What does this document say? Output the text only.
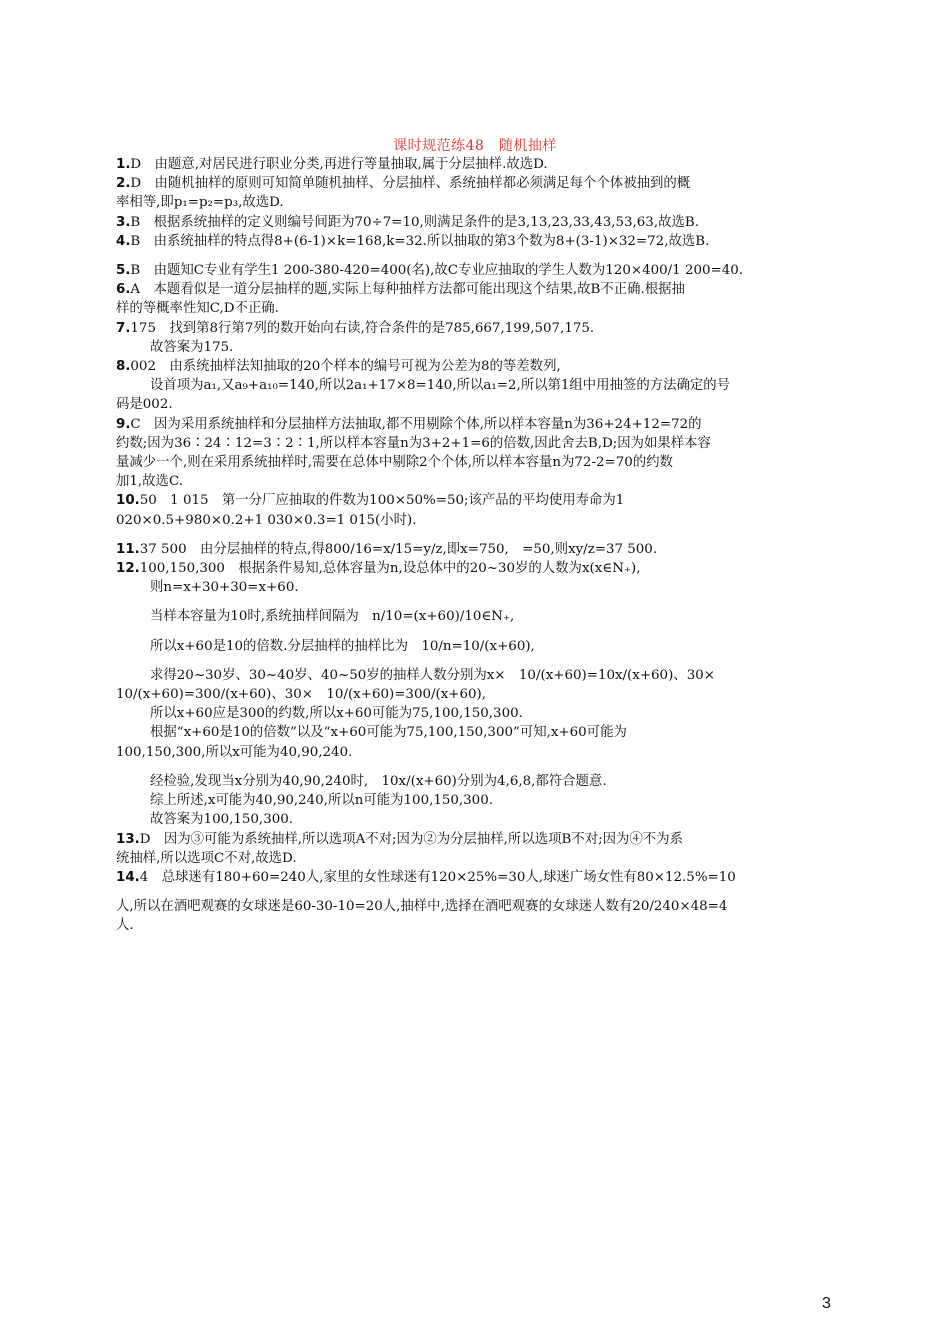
课时规范练48　随机抽样

1.D　由题意,对居民进行职业分类,再进行等量抽取,属于分层抽样.故选D.

2.D　由随机抽样的原则可知简单随机抽样、分层抽样、系统抽样都必须满足每个个体被抽到的概

率相等,即p₁=p₂=p₃,故选D.

3.B　根据系统抽样的定义则编号间距为70÷7=10,则满足条件的是3,13,23,33,43,53,63,故选B.

4.B　由系统抽样的特点得8+(6-1)×k=168,k=32.所以抽取的第3个数为8+(3-1)×32=72,故选B.

5.B　由题知C专业有学生1 200-380-420=400(名),故C专业应抽取的学生人数为120×400/1 200=40.

6.A　本题看似是一道分层抽样的题,实际上每种抽样方法都可能出现这个结果,故B不正确.根据抽

样的等概率性知C,D不正确.

7.175　找到第8行第7列的数开始向右读,符合条件的是785,667,199,507,175.

故答案为175.

8.002　由系统抽样法知抽取的20个样本的编号可视为公差为8的等差数列,

设首项为a₁,又a₉+a₁₀=140,所以2a₁+17×8=140,所以a₁=2,所以第1组中用抽签的方法确定的号

码是002.

9.C　因为采用系统抽样和分层抽样方法抽取,都不用剔除个体,所以样本容量n为36+24+12=72的

约数;因为36∶24∶12=3∶2∶1,所以样本容量n为3+2+1=6的倍数,因此舍去B,D;因为如果样本容

量减少一个,则在采用系统抽样时,需要在总体中剔除2个个体,所以样本容量n为72-2=70的约数

加1,故选C.

10.50　1 015　第一分厂应抽取的件数为100×50%=50;该产品的平均使用寿命为1

020×0.5+980×0.2+1 030×0.3=1 015(小时).

11.37 500　由分层抽样的特点,得800/16=x/15=y/z,即x=750,　=50,则xy/z=37 500.

12.100,150,300　根据条件易知,总体容量为n,设总体中的20~30岁的人数为x(x∈N₊),

则n=x+30+30=x+60.

当样本容量为10时,系统抽样间隔为　n/10=(x+60)/10∈N₊,

所以x+60是10的倍数.分层抽样的抽样比为　10/n=10/(x+60),

求得20~30岁、30~40岁、40~50岁的抽样人数分别为x×　10/(x+60)=10x/(x+60)、30×

10/(x+60)=300/(x+60)、30×　10/(x+60)=300/(x+60),

所以x+60应是300的约数,所以x+60可能为75,100,150,300.

根据“x+60是10的倍数”以及“x+60可能为75,100,150,300”可知,x+60可能为

100,150,300,所以x可能为40,90,240.

经检验,发现当x分别为40,90,240时,　10x/(x+60)分别为4,6,8,都符合题意.

综上所述,x可能为40,90,240,所以n可能为100,150,300.

故答案为100,150,300.

13.D　因为③可能为系统抽样,所以选项A不对;因为②为分层抽样,所以选项B不对;因为④不为系

统抽样,所以选项C不对,故选D.

14.4　总球迷有180+60=240人,家里的女性球迷有120×25%=30人,球迷广场女性有80×12.5%=10

人,所以在酒吧观赛的女球迷是60-30-10=20人,抽样中,选择在酒吧观赛的女球迷人数有20/240×48=4

人.

3
